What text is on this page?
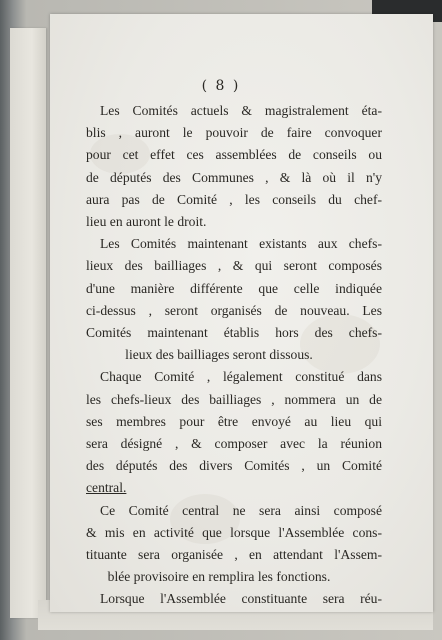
( 8 )

Les Comités actuels & magistralement éta-
blis , auront le pouvoir de faire convoquer
pour cet effet ces assemblées de conseils ou
de députés des Communes , & là où il n'y
aura pas de Comité , les conseils du chef-
lieu en auront le droit.

Les Comités maintenant existants aux chefs-
lieux des bailliages , & qui seront composés
d'une manière différente que celle indiquée
ci-dessus , seront organisés de nouveau. Les
Comités maintenant établis hors des chefs-
lieux des bailliages seront dissous.

Chaque Comité , légalement constitué dans
les chefs-lieux des bailliages , nommera un de
ses membres pour être envoyé au lieu qui
sera désigné , & composer avec la réunion
des députés des divers Comités , un Comité
central.

Ce Comité central ne sera ainsi composé
& mis en activité que lorsque l'Assemblée cons-
tituante sera organisée , en attendant l'Assem-
blée provisoire en remplira les fonctions.

Lorsque l'Assemblée constituante sera réu-
